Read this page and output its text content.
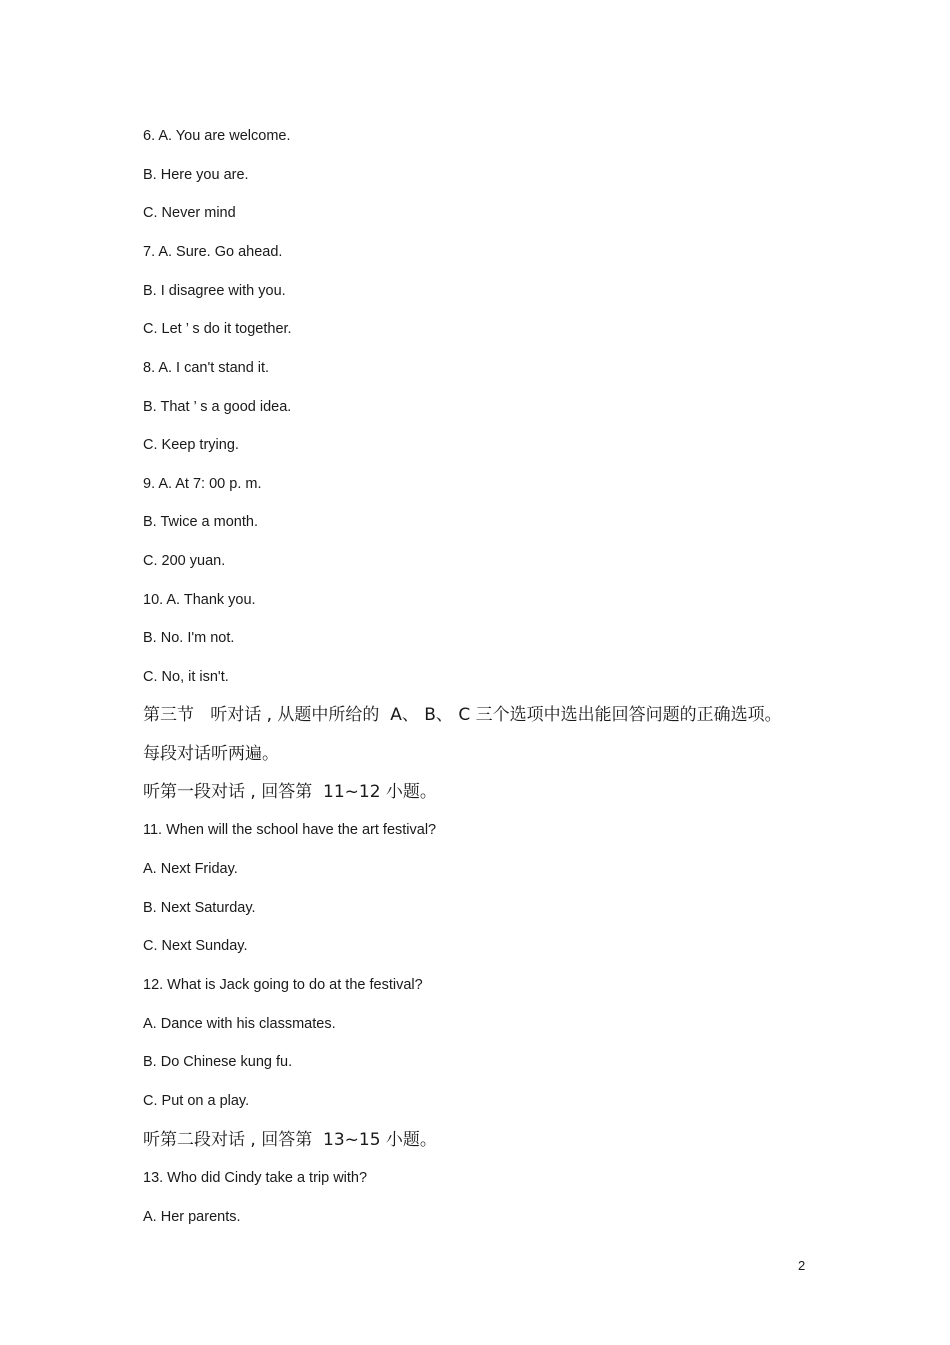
6. A. You are welcome.
B. Here you are.
C. Never mind
7. A. Sure. Go ahead.
B. I disagree with you.
C. Let ’ s do it together.
8. A. I can't stand it.
B. That ’ s a good idea.
C. Keep trying.
9. A. At 7: 00 p. m.
B. Twice a month.
C. 200 yuan.
10. A. Thank you.
B. No. I'm not.
C. No, it isn't.
第三节   听对话 , 从题中所给的  A、 B、 C 三个选项中选出能回答问题的正确选项。
每段对话听两遍。
听第一段对话 , 回答第  11~12 小题。
11. When will the school have the art festival?
A. Next Friday.
B. Next Saturday.
C. Next Sunday.
12. What is Jack going to do at the festival?
A. Dance with his classmates.
B. Do Chinese kung fu.
C. Put on a play.
听第二段对话 , 回答第  13~15 小题。
13. Who did Cindy take a trip with?
A. Her parents.
2
